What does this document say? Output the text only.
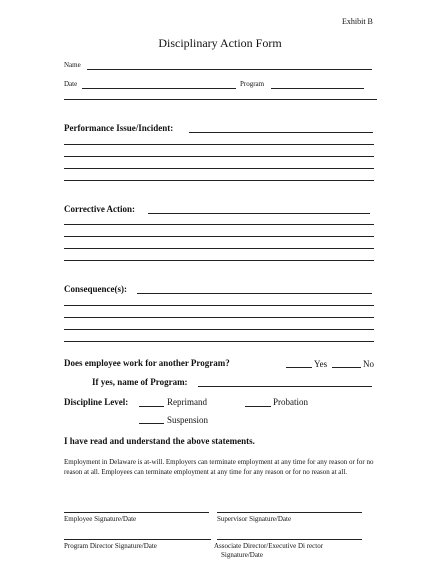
Exhibit B
Disciplinary Action Form
Name
Date	Program
Performance Issue/Incident:
Corrective Action:
Consequence(s):
Does employee work for another Program?	Yes	No
If yes, name of Program:
Discipline Level:	Reprimand	Probation
Suspension
I have read and understand the above statements.
Employment in Delaware is at-will. Employers can terminate employment at any time for any reason or for no reason at all. Employees can terminate employment at any time for any reason or for no reason at all.
Employee Signature/Date	Supervisor Signature/Date
Program Director Signature/Date	Associate Director/Executive Di rector
Signature/Date
